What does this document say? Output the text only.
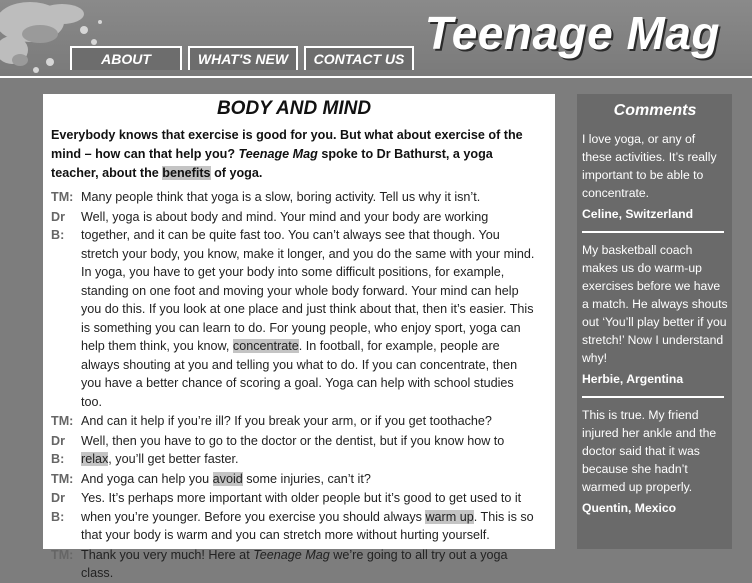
Teenage Mag
ABOUT	WHAT'S NEW	CONTACT US
BODY AND MIND
Everybody knows that exercise is good for you. But what about exercise of the mind – how can that help you? Teenage Mag spoke to Dr Bathurst, a yoga teacher, about the benefits of yoga.
TM: Many people think that yoga is a slow, boring activity. Tell us why it isn’t.
Dr B:
Well, yoga is about body and mind. Your mind and your body are working together, and it can be quite fast too. You can’t always see that though. You stretch your body, you know, make it longer, and you do the same with your mind. In yoga, you have to get your body into some difficult positions, for example, standing on one foot and moving your whole body forward. Your mind can help you do this. If you look at one place and just think about that, then it’s easier. This is something you can learn to do. For young people, who enjoy sport, yoga can help them think, you know, concentrate. In football, for example, people are always shouting at you and telling you what to do. If you can concentrate, then you have a better chance of scoring a goal. Yoga can help with school studies too.
TM: And can it help if you’re ill? If you break your arm, or if you get toothache?
Dr B:
Well, then you have to go to the doctor or the dentist, but if you know how to relax, you’ll get better faster.
TM: And yoga can help you avoid some injuries, can’t it?
Dr B:
Yes. It’s perhaps more important with older people but it’s good to get used to it when you’re younger. Before you exercise you should always warm up. This is so that your body is warm and you can stretch more without hurting yourself.
TM: Thank you very much! Here at Teenage Mag we’re going to all try out a yoga class.
Comments
I love yoga, or any of these activities. It’s really important to be able to concentrate.
Celine, Switzerland
My basketball coach makes us do warm-up exercises before we have a match. He always shouts out ‘You’ll play better if you stretch!’ Now I understand why!
Herbie, Argentina
This is true. My friend injured her ankle and the doctor said that it was because she hadn’t warmed up properly.
Quentin, Mexico
